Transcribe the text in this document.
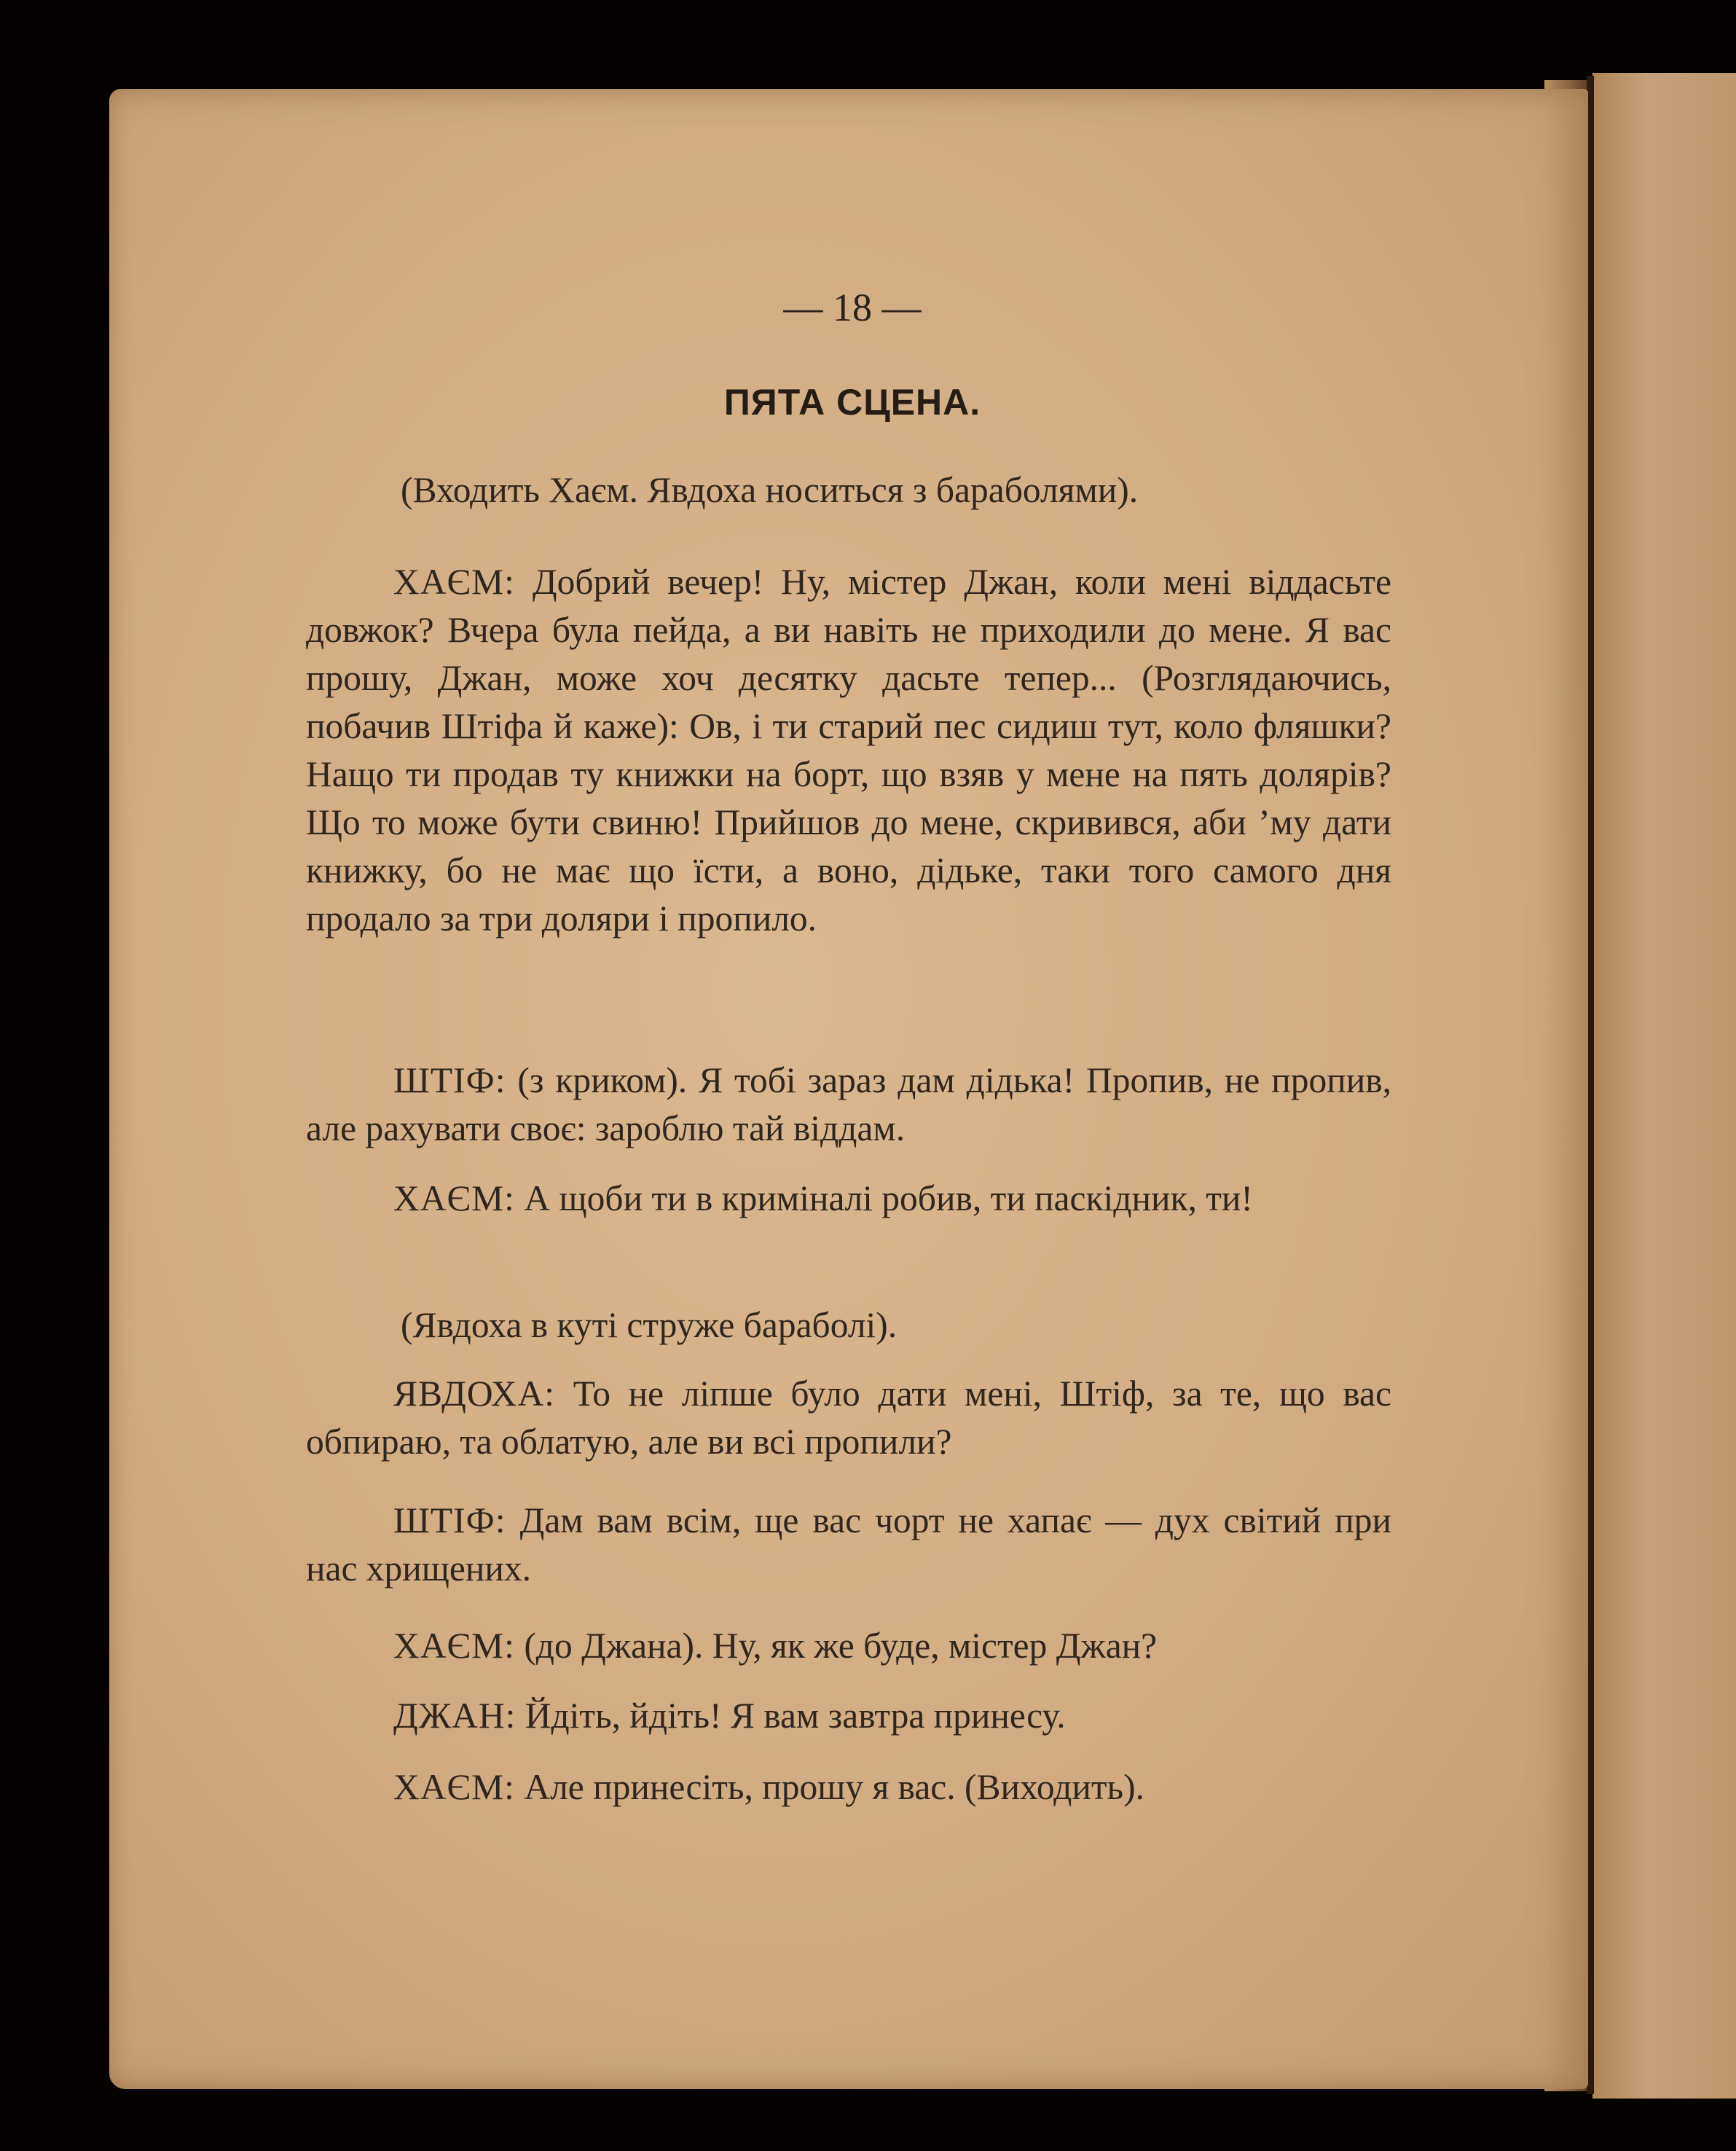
— 18 —
ПЯТА СЦЕНА.

(Входить Хаєм. Явдоха носиться з бараболями).

ХАЄМ: Добрий вечер! Ну, містер Джан, коли мені віддасьте довжок? Вчера була пейда, а ви навіть не приходили до мене. Я вас прошу, Джан, може хоч десятку дасьте тепер... (Розглядаючись, побачив Штіфа й каже): Ов, і ти старий пес сидиш тут, коло фляшки? Нащо ти продав ту книжки на борт, що взяв у мене на пять долярів? Що то може бути свиню! Прийшов до мене, скривився, аби ’му дати книжку, бо не має що їсти, а воно, дідьке, таки того самого дня продало за три доляри і пропило.

ШТІФ: (з криком). Я тобі зараз дам дідька! Пропив, не пропив, але рахувати своє: зароблю тай віддам.

ХАЄМ: А щоби ти в кримінaлі робив, ти паскідник, ти!

(Явдоха в куті струже бараболі).

ЯВДОХА: То не ліпше було дати мені, Штіф, за те, що вас обпираю, та облатую, але ви всі пропили?

ШТІФ: Дам вам всім, ще вас чорт не хапає — дух світий при нас хрищених.

ХАЄМ: (до Джана). Ну, як же буде, містер Джан?

ДЖАН: Йдіть, йдіть! Я вам завтра принесу.

ХАЄМ: Але принесіть, прошу я вас. (Виходить).
